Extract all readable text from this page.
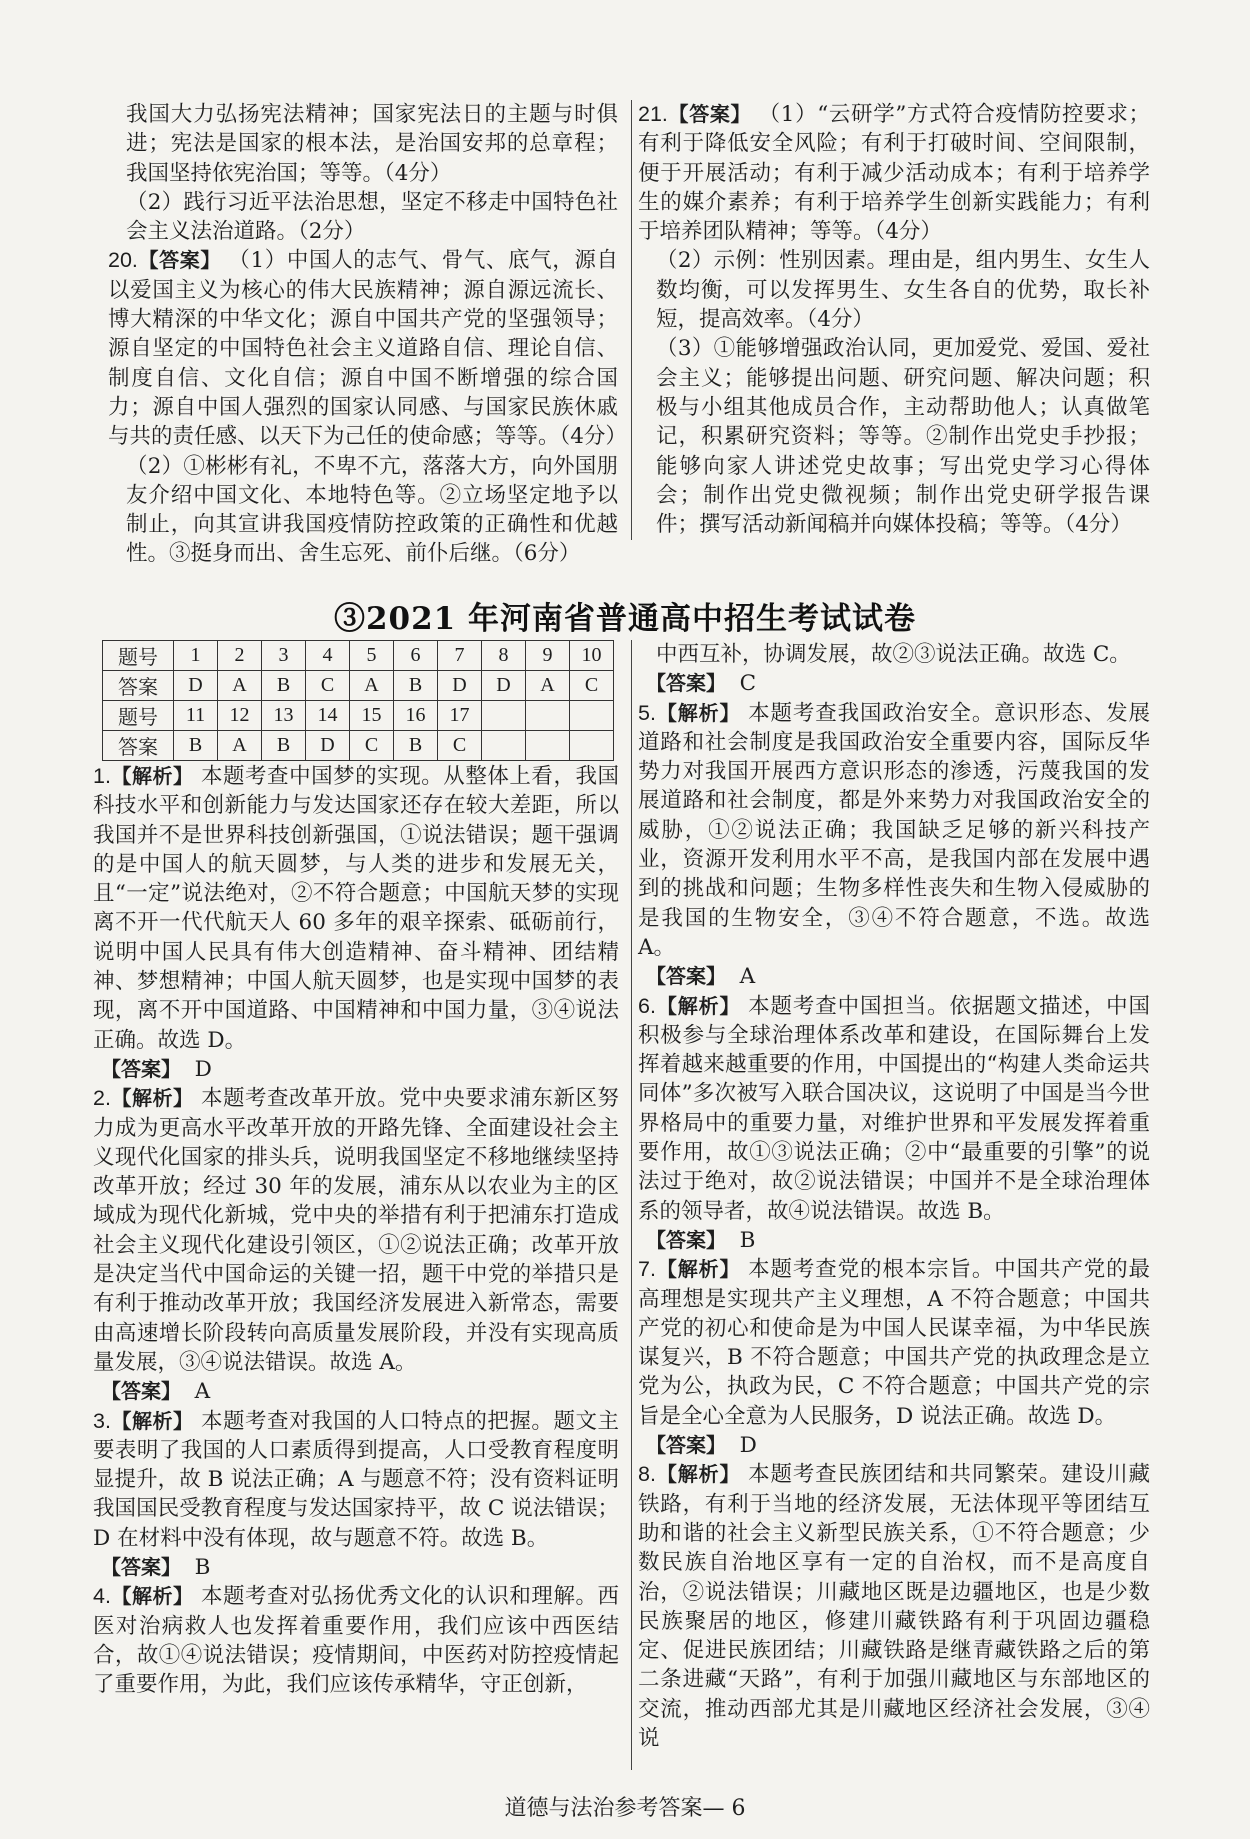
我国大力弘扬宪法精神；国家宪法日的主题与时俱进；宪法是国家的根本法，是治国安邦的总章程；我国坚持依宪治国；等等。（4分）

（2）践行习近平法治思想，坚定不移走中国特色社会主义法治道路。（2分）

20.【答案】 （1）中国人的志气、骨气、底气，源自以爱国主义为核心的伟大民族精神；源自源远流长、博大精深的中华文化；源自中国共产党的坚强领导；源自坚定的中国特色社会主义道路自信、理论自信、制度自信、文化自信；源自中国不断增强的综合国力；源自中国人强烈的国家认同感、与国家民族休戚与共的责任感、以天下为己任的使命感；等等。（4分）

（2）①彬彬有礼，不卑不亢，落落大方，向外国朋友介绍中国文化、本地特色等。②立场坚定地予以制止，向其宣讲我国疫情防控政策的正确性和优越性。③挺身而出、舍生忘死、前仆后继。（6分）

21.【答案】 （1）“云研学”方式符合疫情防控要求；有利于降低安全风险；有利于打破时间、空间限制，便于开展活动；有利于减少活动成本；有利于培养学生的媒介素养；有利于培养学生创新实践能力；有利于培养团队精神；等等。（4分）

（2）示例：性别因素。理由是，组内男生、女生人数均衡，可以发挥男生、女生各自的优势，取长补短，提高效率。（4分）

（3）①能够增强政治认同，更加爱党、爱国、爱社会主义；能够提出问题、研究问题、解决问题；积极与小组其他成员合作，主动帮助他人；认真做笔记，积累研究资料；等等。②制作出党史手抄报；能够向家人讲述党史故事；写出党史学习心得体会；制作出党史微视频；制作出党史研学报告课件；撰写活动新闻稿并向媒体投稿；等等。（4分）

③2021 年河南省普通高中招生考试试卷
题号	1	2	3	4	5	6	7	8	9	10
答案	D	A	B	C	A	B	D	D	A	C
题号	11	12	13	14	15	16	17			
答案	B	A	B	D	C	B	C			

1.【解析】 本题考查中国梦的实现。从整体上看，我国科技水平和创新能力与发达国家还存在较大差距，所以我国并不是世界科技创新强国，①说法错误；题干强调的是中国人的航天圆梦，与人类的进步和发展无关，且“一定”说法绝对，②不符合题意；中国航天梦的实现离不开一代代航天人 60 多年的艰辛探索、砥砺前行，说明中国人民具有伟大创造精神、奋斗精神、团结精神、梦想精神；中国人航天圆梦，也是实现中国梦的表现，离不开中国道路、中国精神和中国力量，③④说法正确。故选 D。

【答案】 D

2.【解析】 本题考查改革开放。党中央要求浦东新区努力成为更高水平改革开放的开路先锋、全面建设社会主义现代化国家的排头兵，说明我国坚定不移地继续坚持改革开放；经过 30 年的发展，浦东从以农业为主的区域成为现代化新城，党中央的举措有利于把浦东打造成社会主义现代化建设引领区，①②说法正确；改革开放是决定当代中国命运的关键一招，题干中党的举措只是有利于推动改革开放；我国经济发展进入新常态，需要由高速增长阶段转向高质量发展阶段，并没有实现高质量发展，③④说法错误。故选 A。

【答案】 A

3.【解析】 本题考查对我国的人口特点的把握。题文主要表明了我国的人口素质得到提高，人口受教育程度明显提升，故 B 说法正确；A 与题意不符；没有资料证明我国国民受教育程度与发达国家持平，故 C 说法错误；D 在材料中没有体现，故与题意不符。故选 B。

【答案】 B

4.【解析】 本题考查对弘扬优秀文化的认识和理解。西医对治病救人也发挥着重要作用，我们应该中西医结合，故①④说法错误；疫情期间，中医药对防控疫情起了重要作用，为此，我们应该传承精华，守正创新，

中西互补，协调发展，故②③说法正确。故选 C。

【答案】 C

5.【解析】 本题考查我国政治安全。意识形态、发展道路和社会制度是我国政治安全重要内容，国际反华势力对我国开展西方意识形态的渗透，污蔑我国的发展道路和社会制度，都是外来势力对我国政治安全的威胁，①②说法正确；我国缺乏足够的新兴科技产业，资源开发利用水平不高，是我国内部在发展中遇到的挑战和问题；生物多样性丧失和生物入侵威胁的是我国的生物安全，③④不符合题意，不选。故选 A。

【答案】 A

6.【解析】 本题考查中国担当。依据题文描述，中国积极参与全球治理体系改革和建设，在国际舞台上发挥着越来越重要的作用，中国提出的“构建人类命运共同体”多次被写入联合国决议，这说明了中国是当今世界格局中的重要力量，对维护世界和平发展发挥着重要作用，故①③说法正确；②中“最重要的引擎”的说法过于绝对，故②说法错误；中国并不是全球治理体系的领导者，故④说法错误。故选 B。

【答案】 B

7.【解析】 本题考查党的根本宗旨。中国共产党的最高理想是实现共产主义理想，A 不符合题意；中国共产党的初心和使命是为中国人民谋幸福，为中华民族谋复兴，B 不符合题意；中国共产党的执政理念是立党为公，执政为民，C 不符合题意；中国共产党的宗旨是全心全意为人民服务，D 说法正确。故选 D。

【答案】 D

8.【解析】 本题考查民族团结和共同繁荣。建设川藏铁路，有利于当地的经济发展，无法体现平等团结互助和谐的社会主义新型民族关系，①不符合题意；少数民族自治地区享有一定的自治权，而不是高度自治，②说法错误；川藏地区既是边疆地区，也是少数民族聚居的地区，修建川藏铁路有利于巩固边疆稳定、促进民族团结；川藏铁路是继青藏铁路之后的第二条进藏“天路”，有利于加强川藏地区与东部地区的交流，推动西部尤其是川藏地区经济社会发展，③④说

道德与法治参考答案— 6
